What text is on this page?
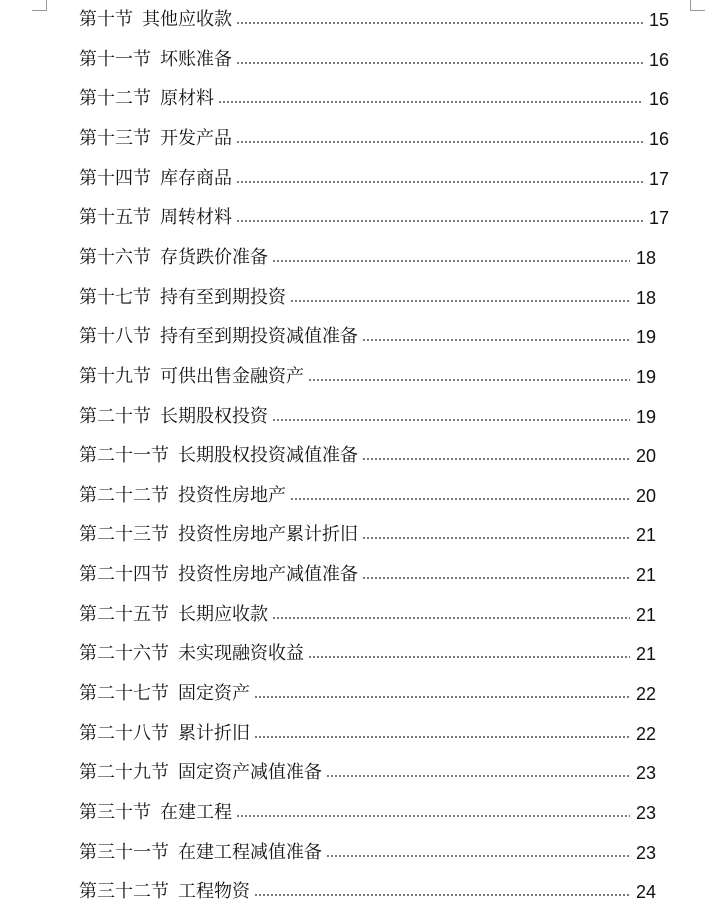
第十节 其他应收款	15
第十一节 坏账准备	16
第十二节 原材料	16
第十三节 开发产品	16
第十四节 库存商品	17
第十五节 周转材料	17
第十六节 存货跌价准备	18
第十七节 持有至到期投资	18
第十八节 持有至到期投资减值准备	19
第十九节 可供出售金融资产	19
第二十节 长期股权投资	19
第二十一节 长期股权投资减值准备	20
第二十二节 投资性房地产	20
第二十三节 投资性房地产累计折旧	21
第二十四节 投资性房地产减值准备	21
第二十五节 长期应收款	21
第二十六节 未实现融资收益	21
第二十七节 固定资产	22
第二十八节 累计折旧	22
第二十九节 固定资产减值准备	23
第三十节 在建工程	23
第三十一节 在建工程减值准备	23
第三十二节 工程物资	24
